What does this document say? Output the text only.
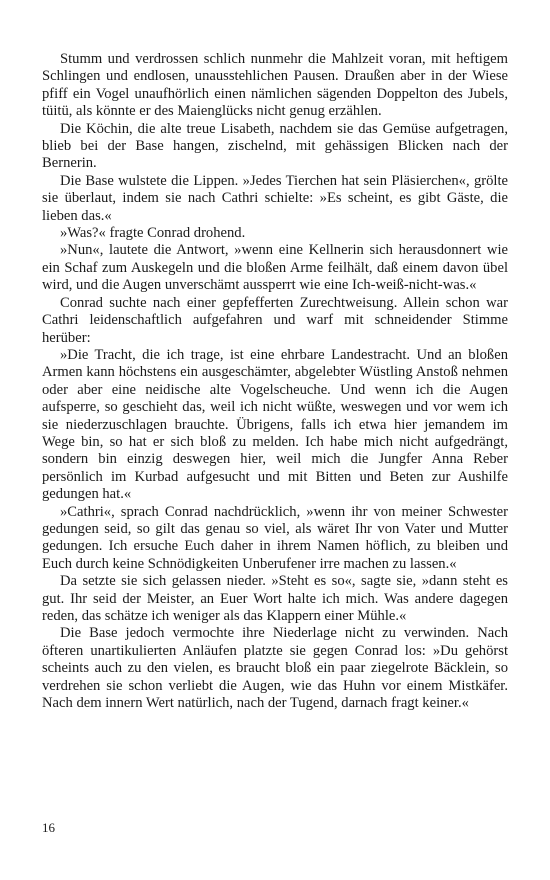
Stumm und verdrossen schlich nunmehr die Mahlzeit voran, mit heftigem Schlingen und endlosen, unausstehlichen Pausen. Draußen aber in der Wiese pfiff ein Vogel unaufhörlich einen nämlichen sägenden Doppelton des Jubels, tüitü, als könnte er des Maienglücks nicht genug erzählen.

Die Köchin, die alte treue Lisabeth, nachdem sie das Gemüse aufgetragen, blieb bei der Base hangen, zischelnd, mit gehässigen Blicken nach der Bernerin.

Die Base wulstete die Lippen. »Jedes Tierchen hat sein Pläsierchen«, grölte sie überlaut, indem sie nach Cathri schielte: »Es scheint, es gibt Gäste, die lieben das.«

»Was?« fragte Conrad drohend.

»Nun«, lautete die Antwort, »wenn eine Kellnerin sich herausdonnert wie ein Schaf zum Auskegeln und die bloßen Arme feilhält, daß einem davon übel wird, und die Augen unverschämt aussperrt wie eine Ich-weiß-nicht-was.«

Conrad suchte nach einer gepfefferten Zurechtweisung. Allein schon war Cathri leidenschaftlich aufgefahren und warf mit schneidender Stimme herüber:

»Die Tracht, die ich trage, ist eine ehrbare Landestracht. Und an bloßen Armen kann höchstens ein ausgeschämter, abgelebter Wüstling Anstoß nehmen oder aber eine neidische alte Vogelscheuche. Und wenn ich die Augen aufsperre, so geschieht das, weil ich nicht wüßte, weswegen und vor wem ich sie niederzuschlagen brauchte. Übrigens, falls ich etwa hier jemandem im Wege bin, so hat er sich bloß zu melden. Ich habe mich nicht aufgedrängt, sondern bin einzig deswegen hier, weil mich die Jungfer Anna Reber persönlich im Kurbad aufgesucht und mit Bitten und Beten zur Aushilfe gedungen hat.«

»Cathri«, sprach Conrad nachdrücklich, »wenn ihr von meiner Schwester gedungen seid, so gilt das genau so viel, als wäret Ihr von Vater und Mutter gedungen. Ich ersuche Euch daher in ihrem Namen höflich, zu bleiben und Euch durch keine Schnödigkeiten Unberufener irre machen zu lassen.«

Da setzte sie sich gelassen nieder. »Steht es so«, sagte sie, »dann steht es gut. Ihr seid der Meister, an Euer Wort halte ich mich. Was andere dagegen reden, das schätze ich weniger als das Klappern einer Mühle.«

Die Base jedoch vermochte ihre Niederlage nicht zu verwinden. Nach öfteren unartikulierten Anläufen platzte sie gegen Conrad los: »Du gehörst scheints auch zu den vielen, es braucht bloß ein paar ziegelrote Bäcklein, so verdrehen sie schon verliebt die Augen, wie das Huhn vor einem Mistkäfer. Nach dem innern Wert natürlich, nach der Tugend, darnach fragt keiner.«

16
